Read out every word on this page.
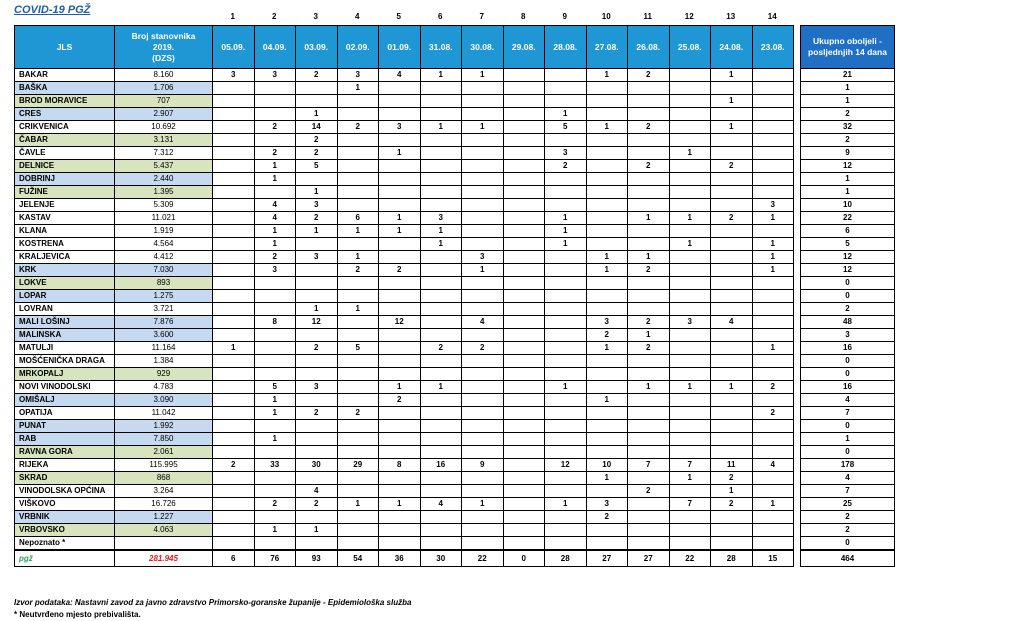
COVID-19 PGŽ
1	2	3	4	5	6	7	8	9	10	11	12	13	14
JLS	Broj stanovnika
2019.
(DZS)	05.09.	04.09.	03.09.	02.09.	01.09.	31.08.	30.08.	29.08.	28.08.	27.08.	26.08.	25.08.	24.08.	23.08.		Ukupno oboljeli -
posljednjih 14 dana
BAKAR	8.160	3	3	2	3	4	1	1			1	2		1			21
BAŠKA	1.706				1												1
BROD MORAVICE	707													1			1
CRES	2.907			1						1							2
CRIKVENICA	10.692		2	14	2	3	1	1		5	1	2		1			32
ČABAR	3.131			2													2
ČAVLE	7.312		2	2		1				3			1				9
DELNICE	5.437		1	5						2		2		2			12
DOBRINJ	2.440		1														1
FUŽINE	1.395			1													1
JELENJE	5.309		4	3											3		10
KASTAV	11.021		4	2	6	1	3			1		1	1	2	1		22
KLANA	1.919		1	1	1	1	1			1							6
KOSTRENA	4.564		1				1			1			1		1		5
KRALJEVICA	4.412		2	3	1			3			1	1			1		12
KRK	7.030		3		2	2		1			1	2			1		12
LOKVE	893																0
LOPAR	1.275																0
LOVRAN	3.721			1	1												2
MALI LOŠINJ	7.876		8	12		12		4			3	2	3	4			48
MALINSKA	3.600										2	1					3
MATULJI	11.164	1		2	5		2	2			1	2			1		16
MOŠĆENIČKA DRAGA	1.384																0
MRKOPALJ	929																0
NOVI VINODOLSKI	4.783		5	3		1	1			1		1	1	1	2		16
OMIŠALJ	3.090		1			2					1						4
OPATIJA	11.042		1	2	2										2		7
PUNAT	1.992																0
RAB	7.850		1														1
RAVNA GORA	2.061																0
RIJEKA	115.995	2	33	30	29	8	16	9		12	10	7	7	11	4		178
SKRAD	868										1		1	2			4
VINODOLSKA OPĆINA	3.264			4								2		1			7
VIŠKOVO	16.726		2	2	1	1	4	1		1	3		7	2	1		25
VRBNIK	1.227										2						2
VRBOVSKO	4.063		1	1													2
Nepoznato *																	0
pgž	281.945	6	76	93	54	36	30	22	0	28	27	27	22	28	15		464
Izvor podataka: Nastavni zavod za javno zdravstvo Primorsko-goranske županije - Epidemiološka služba
* Neutvrđeno mjesto prebivališta.
